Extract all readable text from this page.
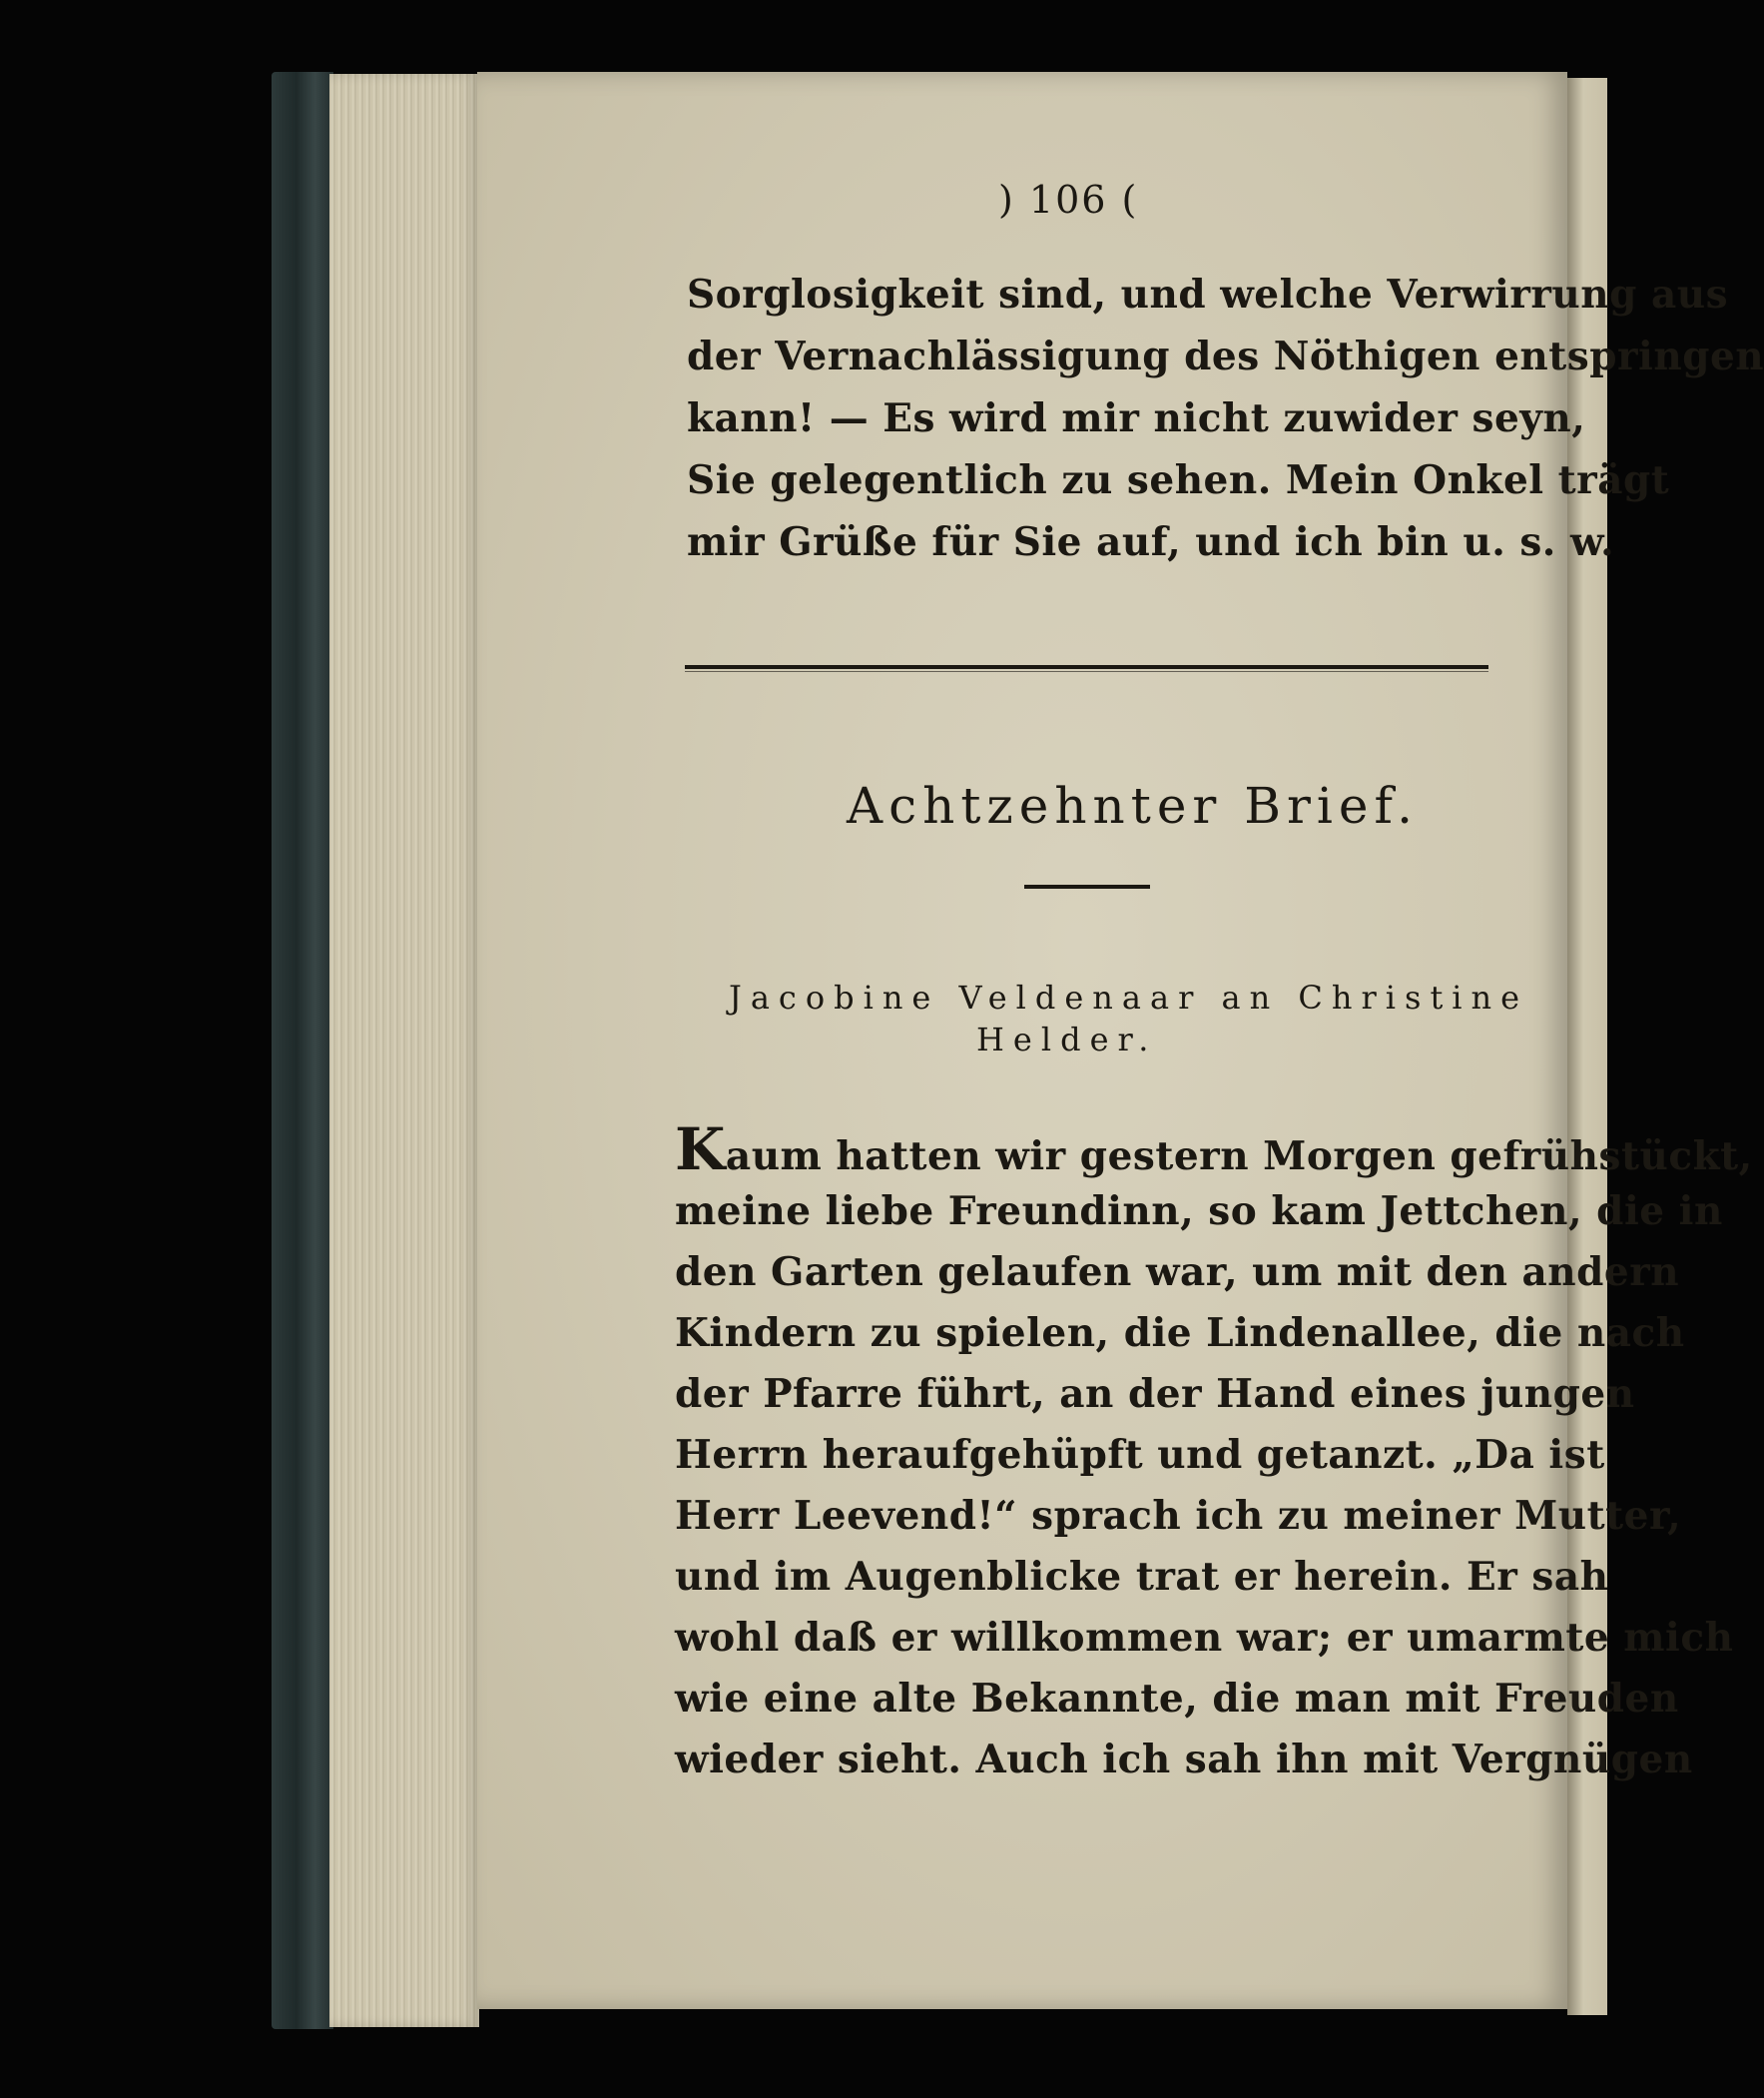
) 106 (
Sorglosigkeit sind, und welche Verwirrung aus
der Vernachlässigung des Nöthigen entspringen
kann! — Es wird mir nicht zuwider seyn,
Sie gelegentlich zu sehen. Mein Onkel trägt
mir Grüße für Sie auf, und ich bin u. s. w.
Achtzehnter Brief.
Jacobine Veldenaar an Christine
Helder.
Kaum hatten wir gestern Morgen gefrühstückt,
meine liebe Freundinn, so kam Jettchen, die in
den Garten gelaufen war, um mit den andern
Kindern zu spielen, die Lindenallee, die nach
der Pfarre führt, an der Hand eines jungen
Herrn heraufgehüpft und getanzt. „Da ist
Herr Leevend!“ sprach ich zu meiner Mutter,
und im Augenblicke trat er herein. Er sah
wohl daß er willkommen war; er umarmte mich
wie eine alte Bekannte, die man mit Freuden
wieder sieht. Auch ich sah ihn mit Vergnügen
